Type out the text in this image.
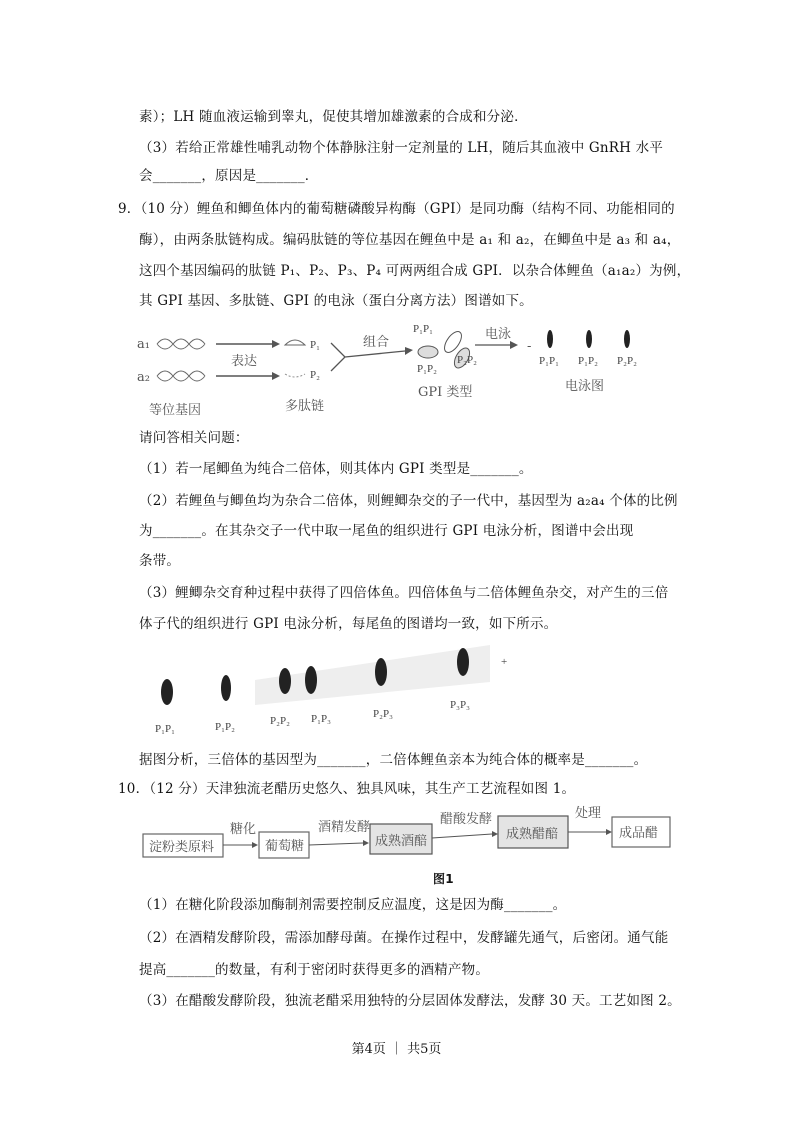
素）；LH 随血液运输到睾丸，促使其增加雄激素的合成和分泌．
（3）若给正常雄性哺乳动物个体静脉注射一定剂量的 LH，随后其血液中 GnRH 水平
会_______，原因是_______．
9．（10 分）鲤鱼和鲫鱼体内的葡萄糖磷酸异构酶（GPI）是同功酶（结构不同、功能相同的
酶），由两条肽链构成。编码肽链的等位基因在鲤鱼中是 a₁ 和 a₂，在鲫鱼中是 a₃ 和 a₄，
这四个基因编码的肽链 P₁、P₂、P₃、P₄ 可两两组合成 GPI．以杂合体鲤鱼（a₁a₂）为例，
其 GPI 基因、多肽链、GPI 的电泳（蛋白分离方法）图谱如下。
a₁
a₂
表达
P₁
P₂
组合
P₁P₁
P₁P₂
P₂P₂
电泳
-
P₁P₁ P₁P₂ P₂P₂
电泳图
GPI 类型
多肽链
等位基因
请问答相关问题：
（1）若一尾鲫鱼为纯合二倍体，则其体内 GPI 类型是_______。
（2）若鲤鱼与鲫鱼均为杂合二倍体，则鲤鲫杂交的子一代中，基因型为 a₂a₄ 个体的比例
为_______。在其杂交子一代中取一尾鱼的组织进行 GPI 电泳分析，图谱中会出现
条带。
（3）鲤鲫杂交育种过程中获得了四倍体鱼。四倍体鱼与二倍体鲤鱼杂交，对产生的三倍
体子代的组织进行 GPI 电泳分析，每尾鱼的图谱均一致，如下所示。
P₁P₁	P₁P₂	P₂P₂ P₁P₃	P₂P₃
P₃P₃
+
据图分析，三倍体的基因型为_______，二倍体鲤鱼亲本为纯合体的概率是_______。
10．（12 分）天津独流老醋历史悠久、独具风味，其生产工艺流程如图 1。
淀粉类原料
糖化
葡萄糖
酒精发酵
成熟酒醅
醋酸发酵
成熟醋醅
处理
成品醋
图1
（1）在糖化阶段添加酶制剂需要控制反应温度，这是因为酶_______。
（2）在酒精发酵阶段，需添加酵母菌。在操作过程中，发酵罐先通气，后密闭。通气能
提高_______的数量，有利于密闭时获得更多的酒精产物。
（3）在醋酸发酵阶段，独流老醋采用独特的分层固体发酵法，发酵 30 天。工艺如图 2。
第4页 ｜ 共5页
